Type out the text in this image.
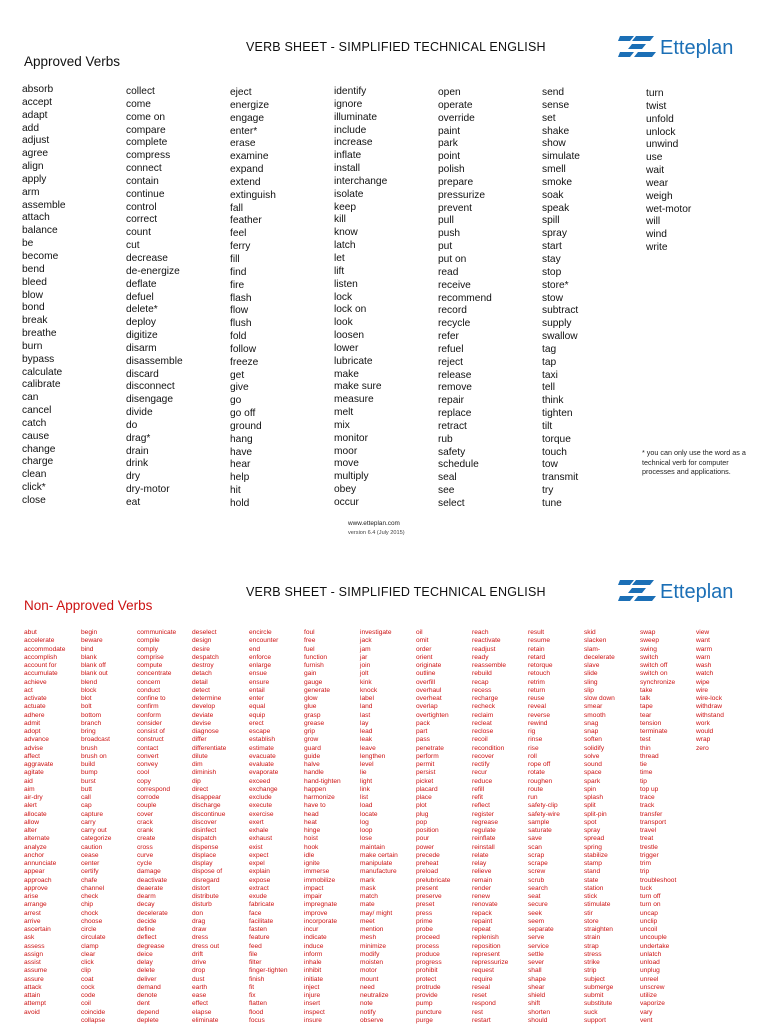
VERB SHEET - SIMPLIFIED TECHNICAL ENGLISH	Etteplan
Approved Verbs
absorb
accept
adapt
add
adjust
agree
align
apply
arm
assemble
attach
balance
be
become
bend
bleed
blow
bond
break
breathe
burn
bypass
calculate
calibrate
can
cancel
catch
cause
change
charge
clean
click*
close
collect
come
come on
compare
complete
compress
connect
contain
continue
control
correct
count
cut
decrease
de-energize
deflate
defuel
delete*
deploy
digitize
disarm
disassemble
discard
disconnect
disengage
divide
do
drag*
drain
drink
dry
dry-motor
eat
eject
energize
engage
enter*
erase
examine
expand
extend
extinguish
fall
feather
feel
ferry
fill
find
fire
flash
flow
flush
fold
follow
freeze
get
give
go
go off
ground
hang
have
hear
help
hit
hold
identify
ignore
illuminate
include
increase
inflate
install
interchange
isolate
keep
kill
know
latch
let
lift
listen
lock
lock on
look
loosen
lower
lubricate
make
make sure
measure
melt
mix
monitor
moor
move
multiply
obey
occur
open
operate
override
paint
park
point
polish
prepare
pressurize
prevent
pull
push
put
put on
read
receive
recommend
record
recycle
refer
refuel
reject
release
remove
repair
replace
retract
rub
safety
schedule
seal
see
select
send
sense
set
shake
show
simulate
smell
smoke
soak
speak
spill
spray
start
stay
stop
store*
stow
subtract
supply
swallow
tag
tap
taxi
tell
think
tighten
tilt
torque
touch
tow
transmit
try
tune
turn
twist
unfold
unlock
unwind
use
wait
wear
weigh
wet-motor
will
wind
write
* you can only use the word as a technical verb for computer processes and applications.
www.etteplan.com
version 6.4 (July 2015)
VERB SHEET - SIMPLIFIED TECHNICAL ENGLISH	Etteplan
Non- Approved Verbs
abut
accelerate
accommodate
accomplish
account for
accumulate
achieve
act
activate
actuate
adhere
admit
adopt
advance
advise
affect
aggravate
agitate
aid
aim
air-dry
alert
allocate
allow
alter
alternate
analyze
anchor
annunciate
appear
approach
approve
arise
arrange
arrest
arrive
ascertain
ask
assess
assign
assist
assume
assure
attack
attain
attempt
avoid
begin
beware
bind
blank
blank off
blank out
blend
block
blot
bolt
bottom
branch
bring
broadcast
brush
brush on
build
bump
burst
butt
call
cap
capture
carry
carry out
categorize
caution
cease
center
certify
chafe
channel
check
chip
chock
choose
circle
circulate
clamp
clear
click
clip
coat
cock
code
coil
coincide
collapse
communicate
compile
comply
comprise
compute
concentrate
concern
conduct
confine to
confirm
conform
consider
consist of
construct
contact
convert
convey
cool
copy
correspond
corrode
couple
cover
crack
crank
create
cross
curve
cycle
damage
deactivate
deaerate
dearm
decay
decelerate
decide
define
deflect
degrease
deice
delay
delete
deliver
demand
denote
dent
depend
deplete
deselect
design
desire
despatch
destroy
detach
detail
detect
determine
develop
deviate
devise
diagnose
differ
differentiate
dilute
dim
diminish
dip
direct
disappear
discharge
discontinue
discover
disinfect
dispatch
dispense
displace
display
dispose of
disregard
distort
distribute
disturb
don
drag
draw
dress
dress out
drift
drive
drop
dust
earth
ease
effect
elapse
eliminate
encircle
encounter
end
enforce
enlarge
ensue
ensure
entail
enter
equal
equip
erect
escape
establish
estimate
evacuate
evaluate
evaporate
exceed
exchange
exclude
execute
exercise
exert
exhale
exhaust
exist
expect
expel
explain
expose
extract
exude
fabricate
face
facilitate
fasten
feature
feed
file
filter
finger-tighten
finish
fit
fix
flatten
flood
focus
foul
free
fuel
function
furnish
gain
gauge
generate
glow
glue
grasp
grease
grip
grow
guard
guide
halve
handle
hand-tighten
happen
harmonize
have to
head
heat
hinge
hoist
hook
idle
ignite
immerse
immobilize
impact
impair
impregnate
improve
incorporate
incur
indicate
induce
inform
inhale
inhibit
initiate
inject
injure
insert
inspect
insure
investigate
jack
jam
jar
join
jolt
kink
knock
label
land
last
lay
lead
leak
leave
lengthen
level
lie
light
link
list
load
locate
log
loop
lose
maintain
make certain
manipulate
manufacture
mark
mask
match
mate
may/ might
meet
mention
mesh
minimize
modify
moisten
motor
mount
need
neutralize
note
notify
observe
oil
omit
order
orient
originate
outline
overfill
overhaul
overheat
overlap
overtighten
pack
part
pass
penetrate
perform
permit
persist
picket
placard
place
plot
plug
pop
position
pour
power
precede
preheat
preload
prelubricate
present
preserve
preset
press
prime
probe
proceed
process
produce
progress
prohibit
protect
protrude
provide
pump
puncture
purge
reach
reactivate
readjust
ready
reassemble
rebuild
recap
recess
recharge
recheck
reclaim
recleat
reclose
recoil
recondition
recover
rectify
recur
reduce
refill
refit
reflect
register
regrease
regulate
reinflate
reinstall
relate
relay
relieve
remain
render
renew
renovate
repack
repaint
repeat
replenish
reposition
represent
repressurize
request
require
reseal
reset
respond
rest
restart
result
resume
retain
retard
retorque
retouch
retrim
return
reuse
reveal
reverse
rewind
rig
rinse
rise
roll
rope off
rotate
roughen
route
run
safety-clip
safety-wire
sample
saturate
save
scan
scrap
scrape
screw
scrub
search
seat
secure
seek
seem
separate
serve
service
settle
sever
shall
shape
shear
shield
shift
shorten
should
skid
slacken
slam-
decelerate
slave
slide
sling
slip
slow down
smear
smooth
snag
snap
soften
solidify
solve
sound
space
spark
spin
splash
split
split-pin
spot
spray
spread
spring
stabilize
stamp
stand
state
station
stick
stimulate
stir
store
straighten
strain
strap
stress
strike
strip
subject
submerge
submit
substitute
suck
support
swap
sweep
swing
switch
switch off
switch on
synchronize
take
talk
tape
tear
tension
terminate
test
thin
thread
tie
time
tip
top up
trace
track
transfer
transport
travel
treat
trestle
trigger
trim
trip
troubleshoot
tuck
turn off
turn on
uncap
unclip
uncoil
uncouple
undertake
unlatch
unload
unplug
unreel
unscrew
utilize
vaporize
vary
vent
view
want
warm
warn
wash
watch
wipe
wire
wire-lock
withdraw
withstand
work
would
wrap
zero
